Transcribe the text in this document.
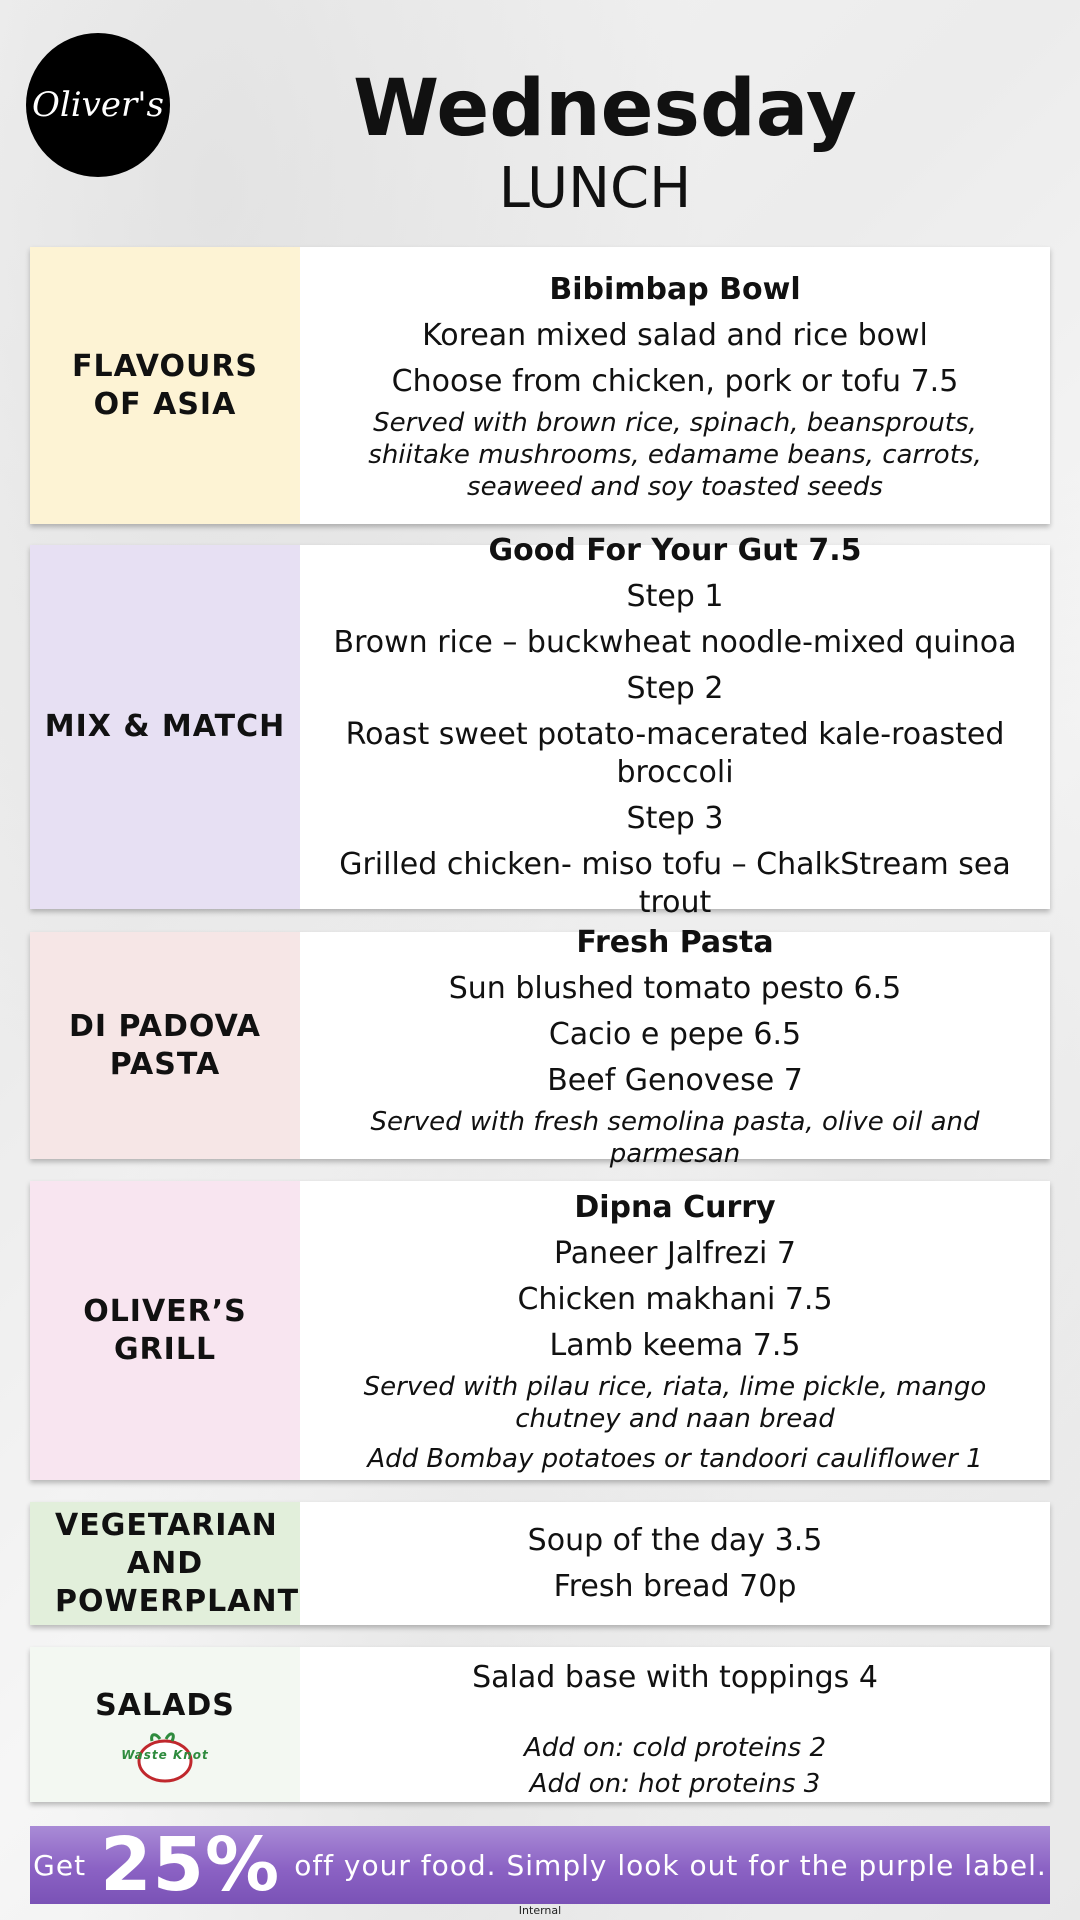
Oliver's	Wednesday
LUNCH
FLAVOURS OF ASIA
Bibimbap Bowl
Korean mixed salad and rice bowl
Choose from chicken, pork or tofu 7.5
Served with brown rice, spinach, beansprouts, shiitake mushrooms, edamame beans, carrots, seaweed and soy toasted seeds
MIX & MATCH
Good For Your Gut 7.5
Step 1
Brown rice – buckwheat noodle-mixed quinoa
Step 2
Roast sweet potato-macerated kale-roasted broccoli
Step 3
Grilled chicken- miso tofu – ChalkStream sea trout
DI PADOVA PASTA
Fresh Pasta
Sun blushed tomato pesto 6.5
Cacio e pepe 6.5
Beef Genovese 7
Served with fresh semolina pasta, olive oil and parmesan
OLIVER’S GRILL
Dipna Curry
Paneer Jalfrezi 7
Chicken makhani 7.5
Lamb keema 7.5
Served with pilau rice, riata, lime pickle, mango chutney and naan bread
Add Bombay potatoes or tandoori cauliflower 1
VEGETARIAN AND POWERPLANT
Soup of the day 3.5
Fresh bread 70p
SALADS
Waste Knot
Salad base with toppings 4
Add on: cold proteins 2
Add on: hot proteins 3
Get 25% off your food. Simply look out for the purple label.
Internal
